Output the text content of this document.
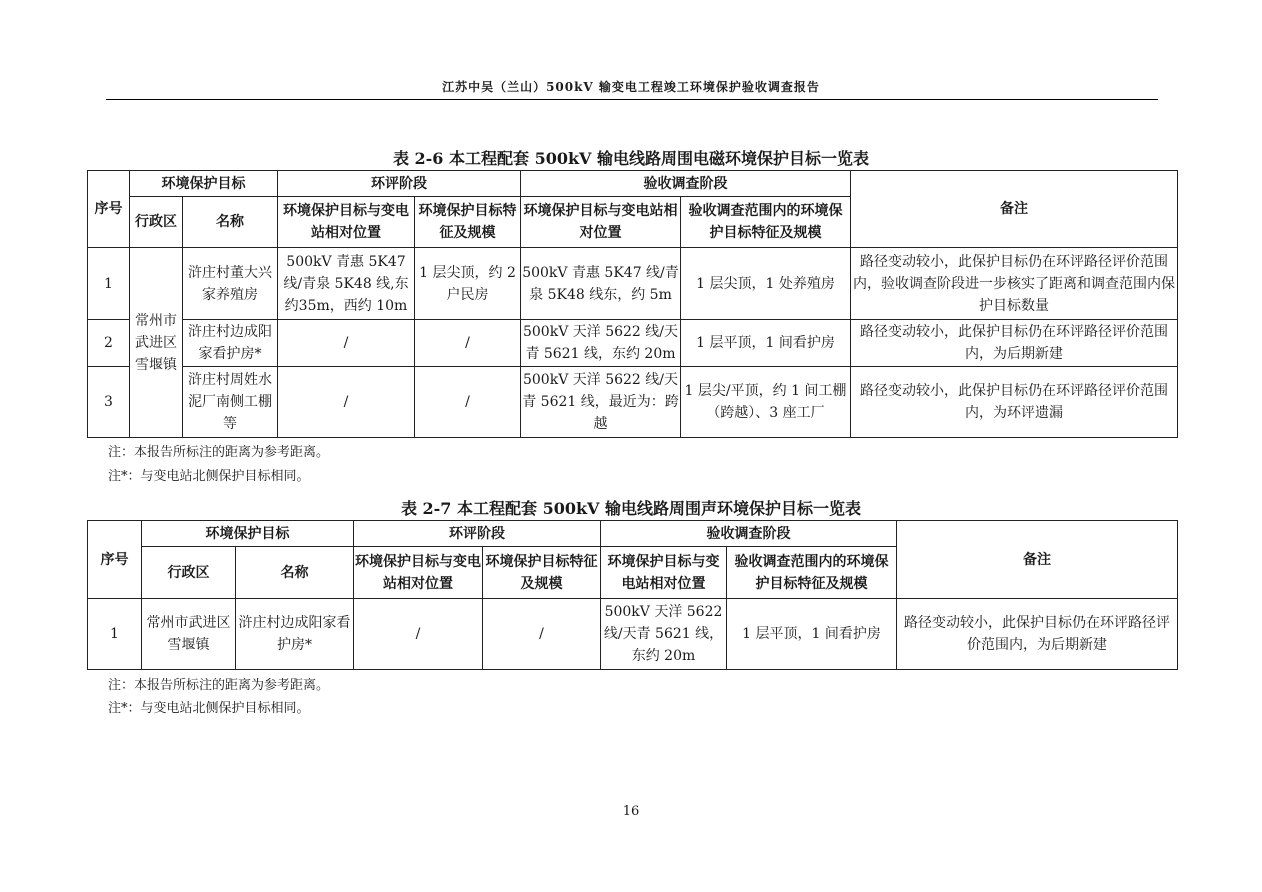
江苏中吴（兰山）500kV 输变电工程竣工环境保护验收调查报告
表 2-6 本工程配套 500kV 输电线路周围电磁环境保护目标一览表
序号	环境保护目标		环评阶段		验收调查阶段		备注
	行政区	名称	环境保护目标与变电站相对位置	环境保护目标特征及规模	环境保护目标与变电站相对位置	验收调查范围内的环境保护目标特征及规模	
1	常州市武进区雪堰镇	浒庄村董大兴家养殖房	500kV 青惠 5K47 线/青泉 5K48 线,东约35m，西约 10m	1 层尖顶，约 2 户民房	500kV 青惠 5K47 线/青泉 5K48 线东，约 5m	1 层尖顶，1 处养殖房	路径变动较小，此保护目标仍在环评路径评价范围内，验收调查阶段进一步核实了距离和调查范围内保护目标数量
2		浒庄村边成阳家看护房*	/	/	500kV 天洋 5622 线/天青 5621 线，东约 20m	1 层平顶，1 间看护房	路径变动较小，此保护目标仍在环评路径评价范围内，为后期新建
3		浒庄村周姓水泥厂南侧工棚等	/	/	500kV 天洋 5622 线/天青 5621 线，最近为：跨越	1 层尖/平顶，约 1 间工棚（跨越）、3 座工厂	路径变动较小，此保护目标仍在环评路径评价范围内，为环评遗漏
注：本报告所标注的距离为参考距离。
注*：与变电站北侧保护目标相同。
表 2-7 本工程配套 500kV 输电线路周围声环境保护目标一览表
序号	环境保护目标		环评阶段		验收调查阶段		备注
	行政区	名称	环境保护目标与变电站相对位置	环境保护目标特征及规模	环境保护目标与变电站相对位置	验收调查范围内的环境保护目标特征及规模	
1	常州市武进区雪堰镇	浒庄村边成阳家看护房*	/	/	500kV 天洋 5622 线/天青 5621 线，东约 20m	1 层平顶，1 间看护房	路径变动较小，此保护目标仍在环评路径评价范围内，为后期新建
注：本报告所标注的距离为参考距离。
注*：与变电站北侧保护目标相同。
16
